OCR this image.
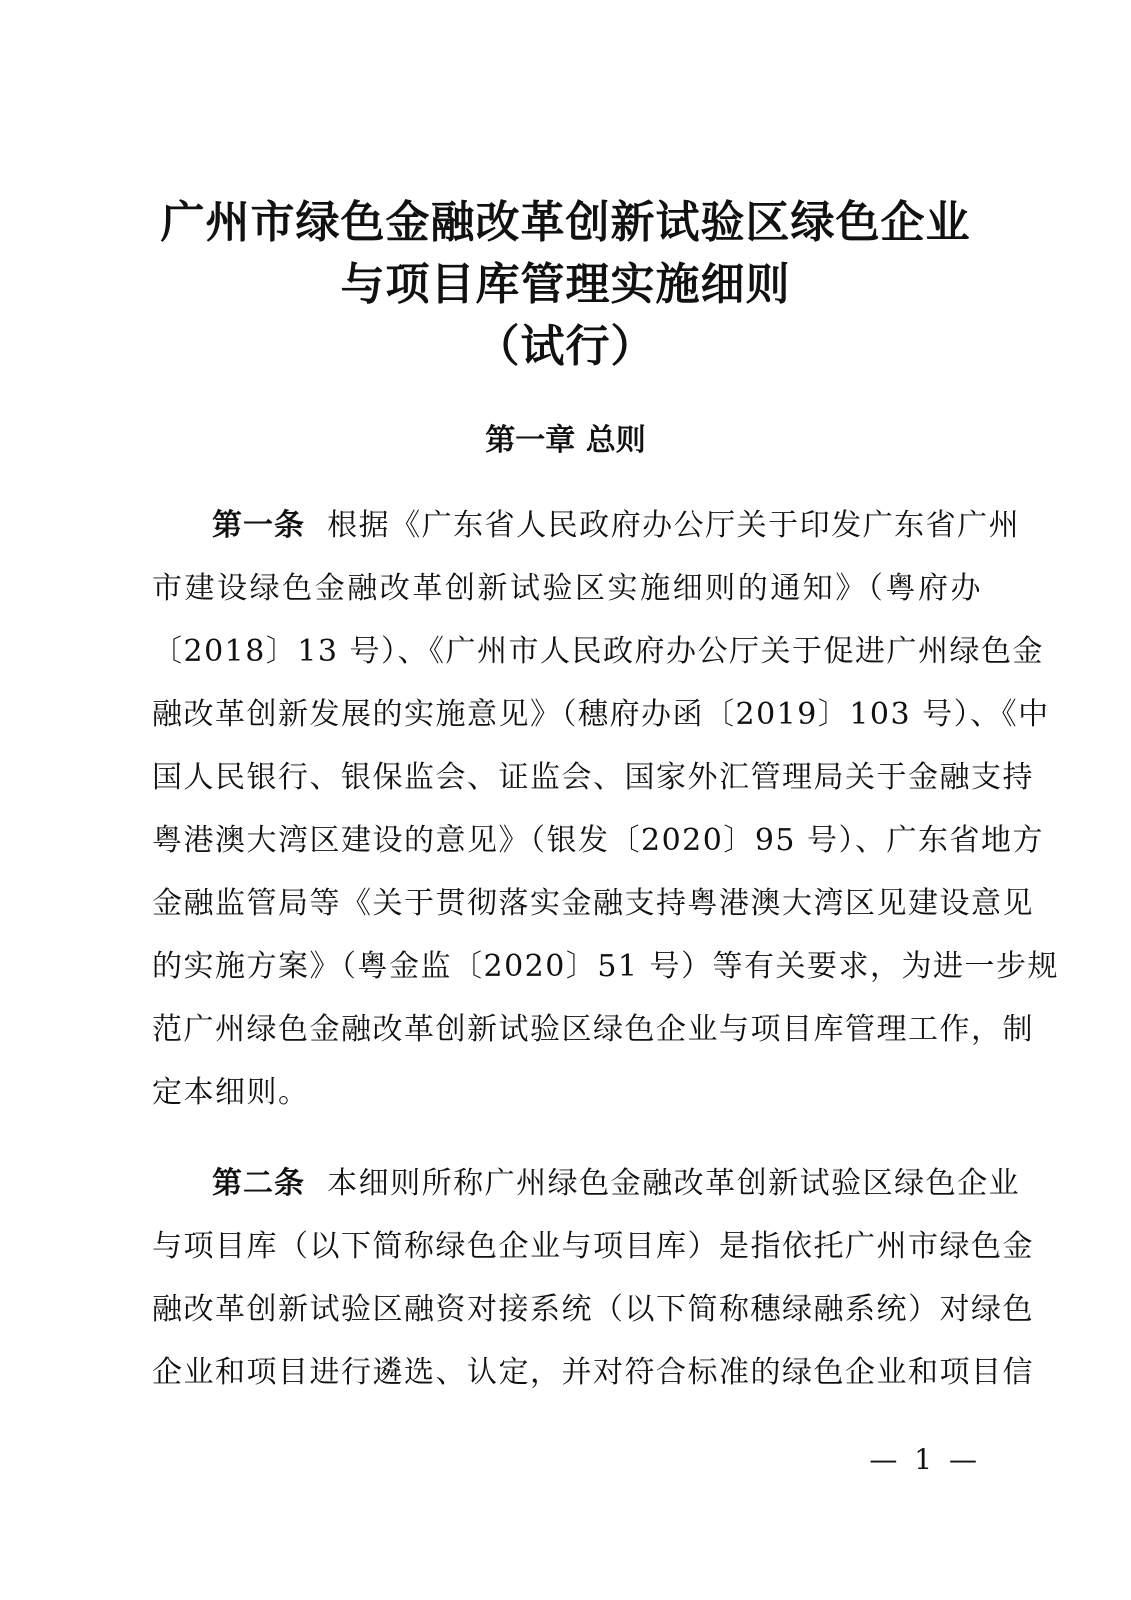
广州市绿色金融改革创新试验区绿色企业
与项目库管理实施细则
（试行）
第一章 总则
第一条 根据《广东省人民政府办公厅关于印发广东省广州
市建设绿色金融改革创新试验区实施细则的通知》（粤府办
〔2018〕13 号）、《广州市人民政府办公厅关于促进广州绿色金
融改革创新发展的实施意见》（穗府办函〔2019〕103 号）、《中
国人民银行、银保监会、证监会、国家外汇管理局关于金融支持
粤港澳大湾区建设的意见》（银发〔2020〕95 号）、广东省地方
金融监管局等《关于贯彻落实金融支持粤港澳大湾区见建设意见
的实施方案》（粤金监〔2020〕51 号）等有关要求，为进一步规
范广州绿色金融改革创新试验区绿色企业与项目库管理工作，制
定本细则。
第二条 本细则所称广州绿色金融改革创新试验区绿色企业
与项目库（以下简称绿色企业与项目库）是指依托广州市绿色金
融改革创新试验区融资对接系统（以下简称穗绿融系统）对绿色
企业和项目进行遴选、认定，并对符合标准的绿色企业和项目信
— 1 —
